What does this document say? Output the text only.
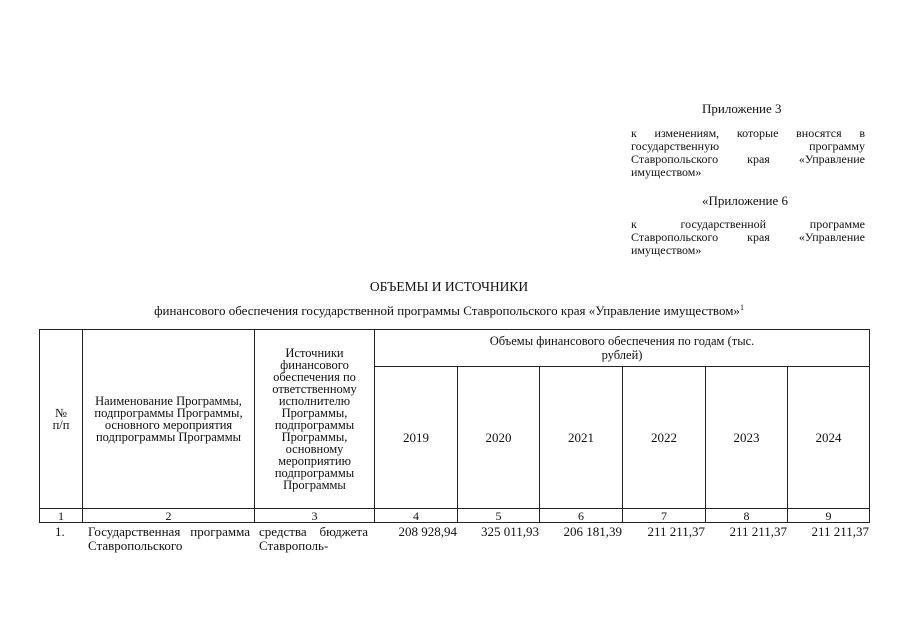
Приложение 3
к изменениям, которые вносятся в государственную программу Ставропольского края «Управление имуществом»
«Приложение 6
к государственной программе Ставропольского края «Управление имуществом»
ОБЪЕМЫ И ИСТОЧНИКИ
финансового обеспечения государственной программы Ставропольского края «Управление имуществом»$^1$
№ п/п	Наименование Программы, подпрограммы Программы, основного мероприятия подпрограммы Программы	Источники финансового обеспечения по ответственному исполнителю Программы, подпрограммы Программы, основному мероприятию подпрограммы Программы	Объемы финансового обеспечения по годам (тыс. рублей)					

			2019	2020	2021	2022	2023	2024
1	2	3	4	5	6	7	8	9
1.	Государственная программа Ставропольского	средства бюджета Ставрополь-	208 928,94	325 011,93	206 181,39	211 211,37	211 211,37	211 211,37
